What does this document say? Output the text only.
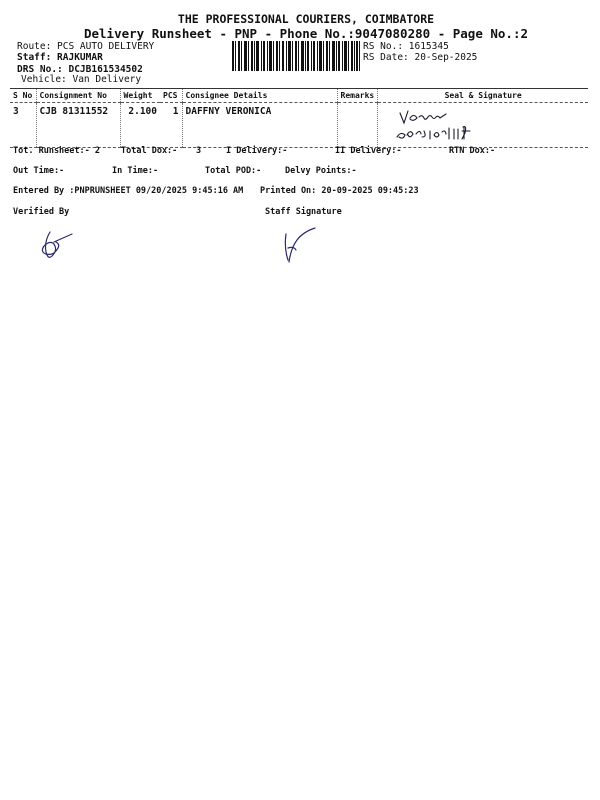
THE PROFESSIONAL COURIERS, COIMBATORE
Delivery Runsheet - PNP - Phone No.:9047080280 - Page No.:2
Route: PCS AUTO DELIVERY
Staff: RAJKUMAR
DRS No.: DCJB161534502
Vehicle: Van Delivery
RS No.: 1615345
RS Date: 20-Sep-2025
S No	Consignment No	Weight	PCS	Consignee Details	Remarks	Seal & Signature
3	CJB 81311552	2.100	1	DAFFNY VERONICA		
Tot. Runsheet:- 2 Total Dox:- 3	I Delivery:-	II Delivery:-	RTN Dox:-
Out Time:-	In Time:-	Total POD:-	Delvy Points:-
Entered By :PNPRUNSHEET 09/20/2025 9:45:16 AM Printed On: 20-09-2025 09:45:23
Verified By	Staff Signature
